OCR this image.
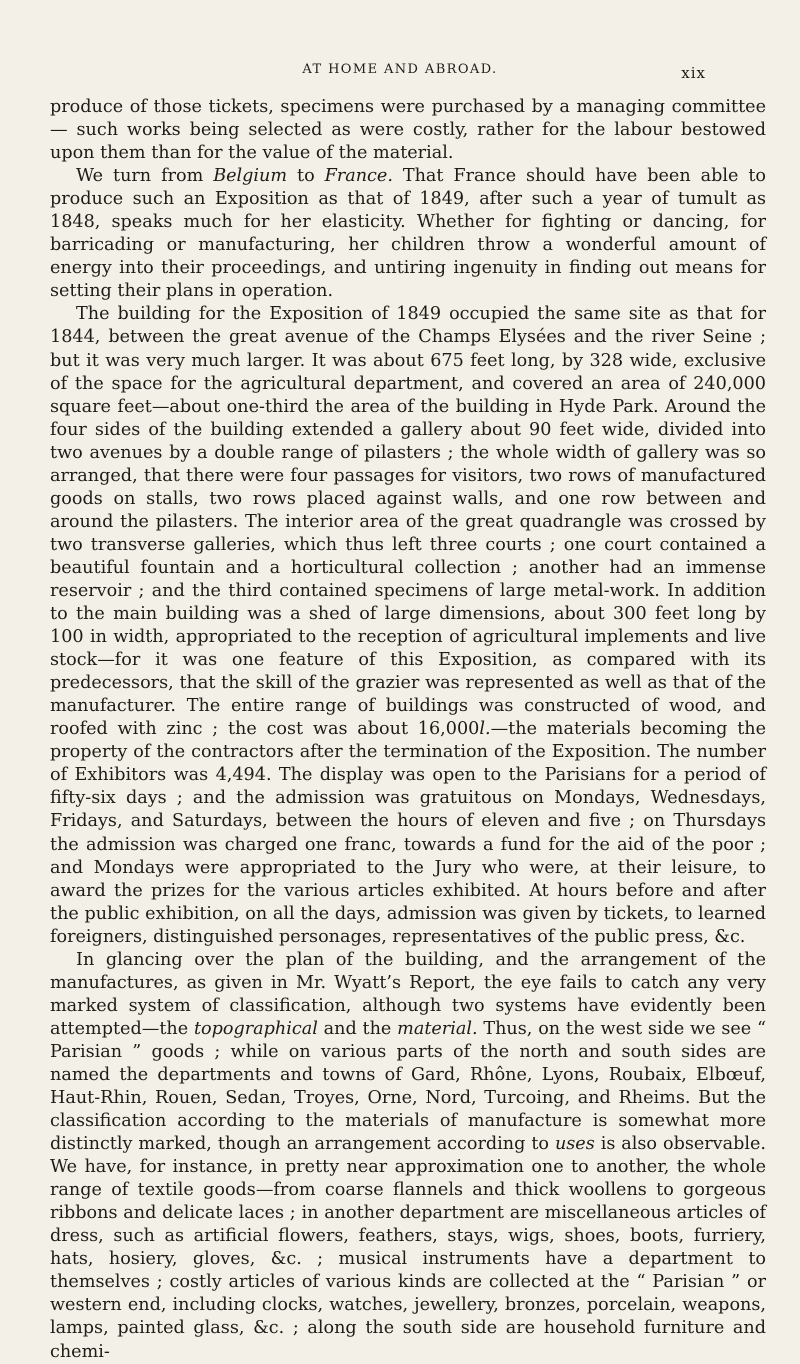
AT HOME AND ABROAD.	xix

produce of those tickets, specimens were purchased by a managing committee— such works being selected as were costly, rather for the labour bestowed upon them than for the value of the material.

We turn from Belgium to France. That France should have been able to produce such an Exposition as that of 1849, after such a year of tumult as 1848, speaks much for her elasticity. Whether for fighting or dancing, for barricading or manufacturing, her children throw a wonderful amount of energy into their proceedings, and untiring ingenuity in finding out means for setting their plans in operation.

The building for the Exposition of 1849 occupied the same site as that for 1844, between the great avenue of the Champs Elysées and the river Seine ; but it was very much larger. It was about 675 feet long, by 328 wide, exclusive of the space for the agricultural department, and covered an area of 240,000 square feet—about one-third the area of the building in Hyde Park. Around the four sides of the building extended a gallery about 90 feet wide, divided into two avenues by a double range of pilasters ; the whole width of gallery was so arranged, that there were four passages for visitors, two rows of manufactured goods on stalls, two rows placed against walls, and one row between and around the pilasters. The interior area of the great quadrangle was crossed by two transverse galleries, which thus left three courts ; one court contained a beautiful fountain and a horticultural collection ; another had an immense reservoir ; and the third contained specimens of large metal-work. In addition to the main building was a shed of large dimensions, about 300 feet long by 100 in width, appropriated to the reception of agricultural implements and live stock—for it was one feature of this Exposition, as compared with its predecessors, that the skill of the grazier was represented as well as that of the manufacturer. The entire range of buildings was constructed of wood, and roofed with zinc ; the cost was about 16,000l.—the materials becoming the property of the contractors after the termination of the Exposition. The number of Exhibitors was 4,494. The display was open to the Parisians for a period of fifty-six days ; and the admission was gratuitous on Mondays, Wednesdays, Fridays, and Saturdays, between the hours of eleven and five ; on Thursdays the admission was charged one franc, towards a fund for the aid of the poor ; and Mondays were appropriated to the Jury who were, at their leisure, to award the prizes for the various articles exhibited. At hours before and after the public exhibition, on all the days, admission was given by tickets, to learned foreigners, distinguished personages, representatives of the public press, &c.

In glancing over the plan of the building, and the arrangement of the manufactures, as given in Mr. Wyatt’s Report, the eye fails to catch any very marked system of classification, although two systems have evidently been attempted—the topographical and the material. Thus, on the west side we see “ Parisian ” goods ; while on various parts of the north and south sides are named the departments and towns of Gard, Rhône, Lyons, Roubaix, Elbœuf, Haut-Rhin, Rouen, Sedan, Troyes, Orne, Nord, Turcoing, and Rheims. But the classification according to the materials of manufacture is somewhat more distinctly marked, though an arrangement according to uses is also observable. We have, for instance, in pretty near approximation one to another, the whole range of textile goods—from coarse flannels and thick woollens to gorgeous ribbons and delicate laces ; in another department are miscellaneous articles of dress, such as artificial flowers, feathers, stays, wigs, shoes, boots, furriery, hats, hosiery, gloves, &c. ; musical instruments have a department to themselves ; costly articles of various kinds are collected at the “ Parisian ” or western end, including clocks, watches, jewellery, bronzes, porcelain, weapons, lamps, painted glass, &c. ; along the south side are household furniture and chemi-
